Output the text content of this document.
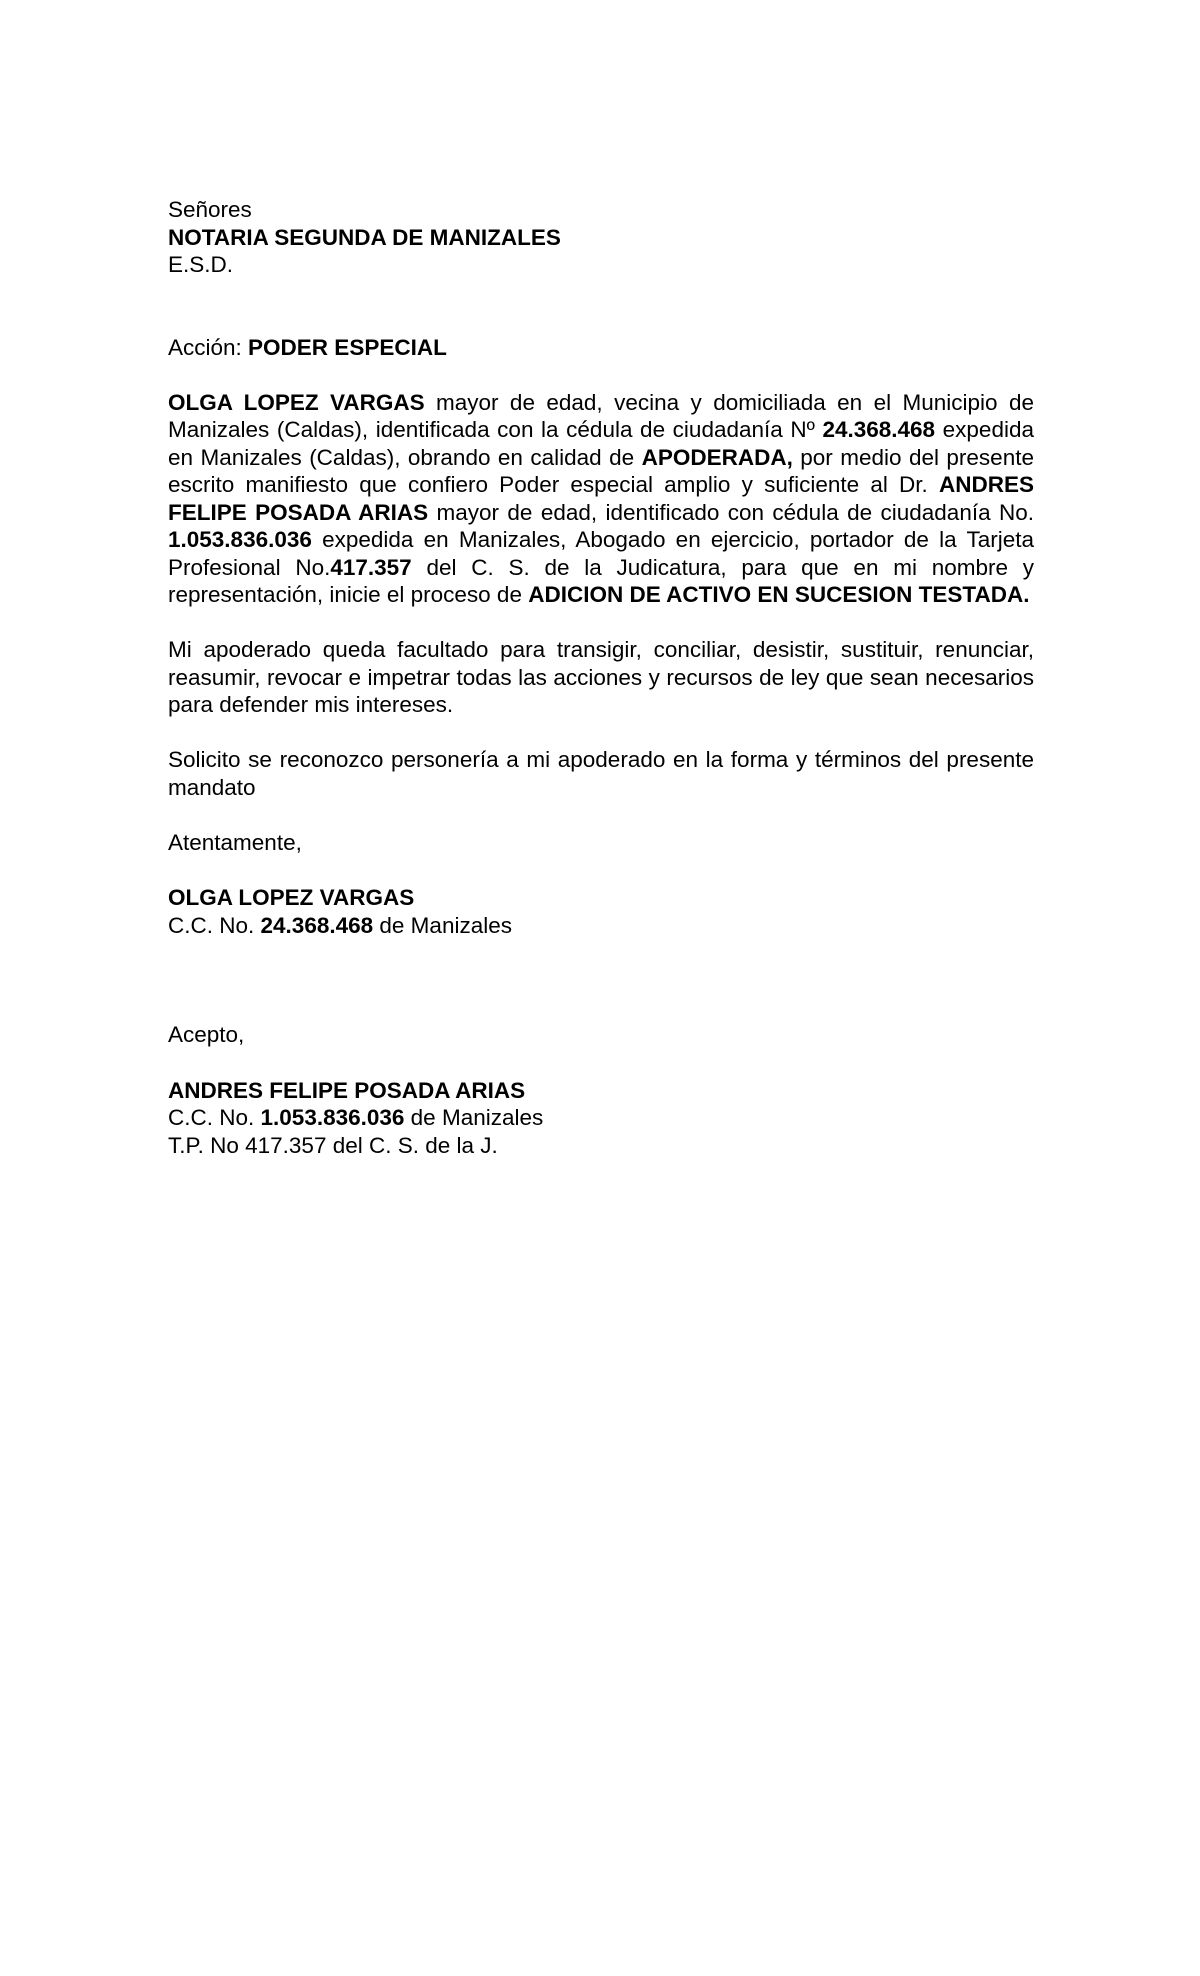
Señores
NOTARIA SEGUNDA DE MANIZALES
E.S.D.
Acción: PODER ESPECIAL
OLGA LOPEZ VARGAS mayor de edad, vecina y domiciliada en el Municipio de Manizales (Caldas), identificada con la cédula de ciudadanía Nº 24.368.468 expedida en Manizales (Caldas), obrando en calidad de APODERADA, por medio del presente escrito manifiesto que confiero Poder especial amplio y suficiente al Dr. ANDRES FELIPE POSADA ARIAS mayor de edad, identificado con cédula de ciudadanía No. 1.053.836.036 expedida en Manizales, Abogado en ejercicio, portador de la Tarjeta Profesional No.417.357 del C. S. de la Judicatura, para que en mi nombre y representación, inicie el proceso de ADICION DE ACTIVO EN SUCESION TESTADA.
Mi apoderado queda facultado para transigir, conciliar, desistir, sustituir, renunciar, reasumir, revocar e impetrar todas las acciones y recursos de ley que sean necesarios para defender mis intereses.
Solicito se reconozco personería a mi apoderado en la forma y términos del presente mandato
Atentamente,
OLGA LOPEZ VARGAS
C.C. No. 24.368.468 de Manizales
Acepto,
ANDRES FELIPE POSADA ARIAS
C.C. No. 1.053.836.036 de Manizales
T.P. No 417.357 del C. S. de la J.
